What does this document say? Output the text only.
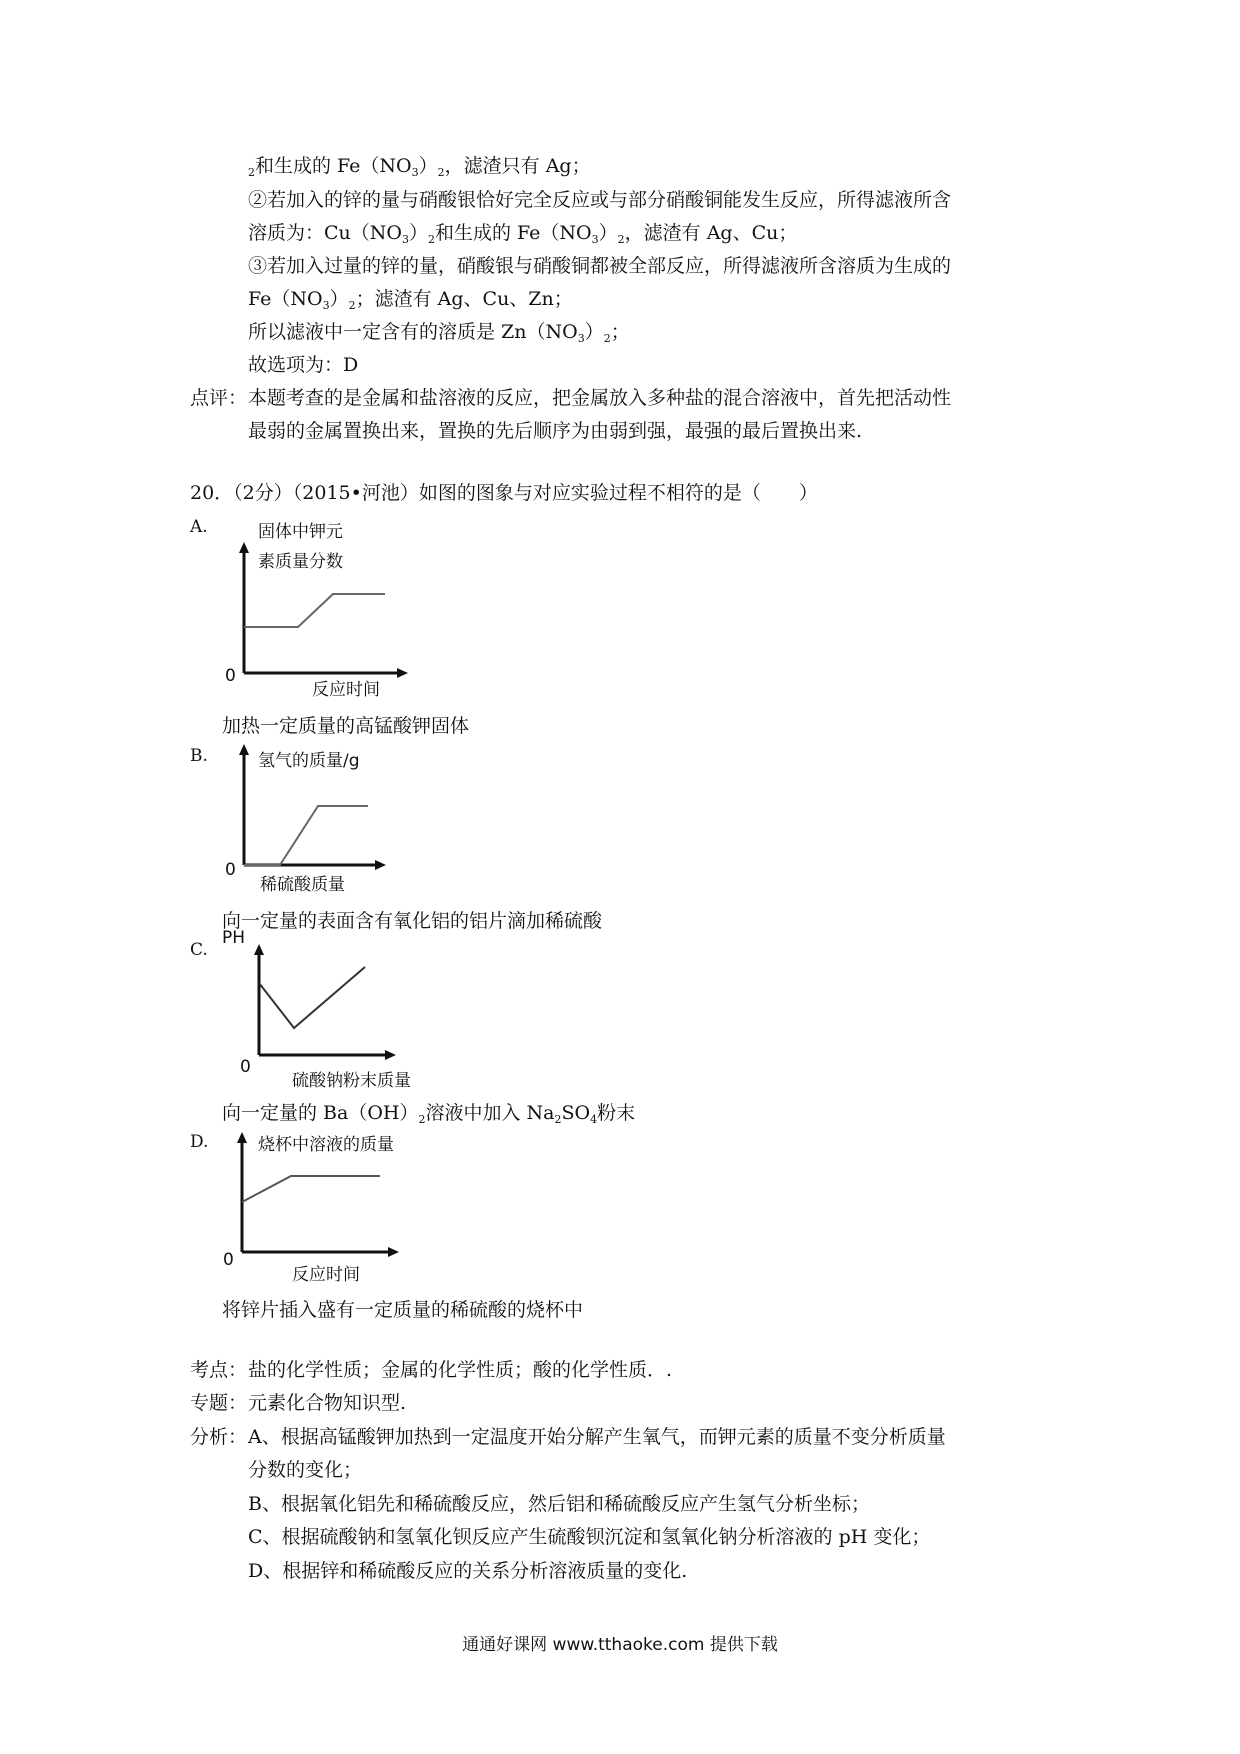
$_2$和生成的 $Fe(NO_3)_2$，滤渣只有 Ag；
②若加入的锌的量与硝酸银恰好完全反应或与部分硝酸铜能发生反应，所得滤液所含
溶质为：$Cu(NO_3)_2$和生成的 $Fe(NO_3)_2$，滤渣有 Ag、Cu；
③若加入过量的锌的量，硝酸银与硝酸铜都被全部反应，所得滤液所含溶质为生成的
$Fe(NO_3)_2$；滤渣有 Ag、Cu、Zn；
所以滤液中一定含有的溶质是 $Zn(NO_3)_2$；
故选项为：D
点评： 本题考查的是金属和盐溶液的反应，把金属放入多种盐的混合溶液中，首先把活动性
最弱的金属置换出来，置换的先后顺序为由弱到强，最强的最后置换出来.
20．（2分）（2015•河池）如图的图象与对应实验过程不相符的是（　　）
A.	固体中钾元
素质量分数
0
反应时间
加热一定质量的高锰酸钾固体
B.	氢气的质量/g
0
稀硫酸质量
向一定量的表面含有氧化铝的铝片滴加稀硫酸
C.
PH
0
硫酸钠粉末质量
向一定量的 $Ba(OH)_2$溶液中加入 $Na_2SO_4$粉末
D.	烧杯中溶液的质量
0
反应时间
将锌片插入盛有一定质量的稀硫酸的烧杯中
考点： 盐的化学性质；金属的化学性质；酸的化学性质．.
专题： 元素化合物知识型.
分析： A、根据高锰酸钾加热到一定温度开始分解产生氧气，而钾元素的质量不变分析质量
分数的变化；
B、根据氧化铝先和稀硫酸反应，然后铝和稀硫酸反应产生氢气分析坐标；
C、根据硫酸钠和氢氧化钡反应产生硫酸钡沉淀和氢氧化钠分析溶液的 pH 变化；
D、根据锌和稀硫酸反应的关系分析溶液质量的变化.
通通好课网 www.tthaoke.com 提供下载
